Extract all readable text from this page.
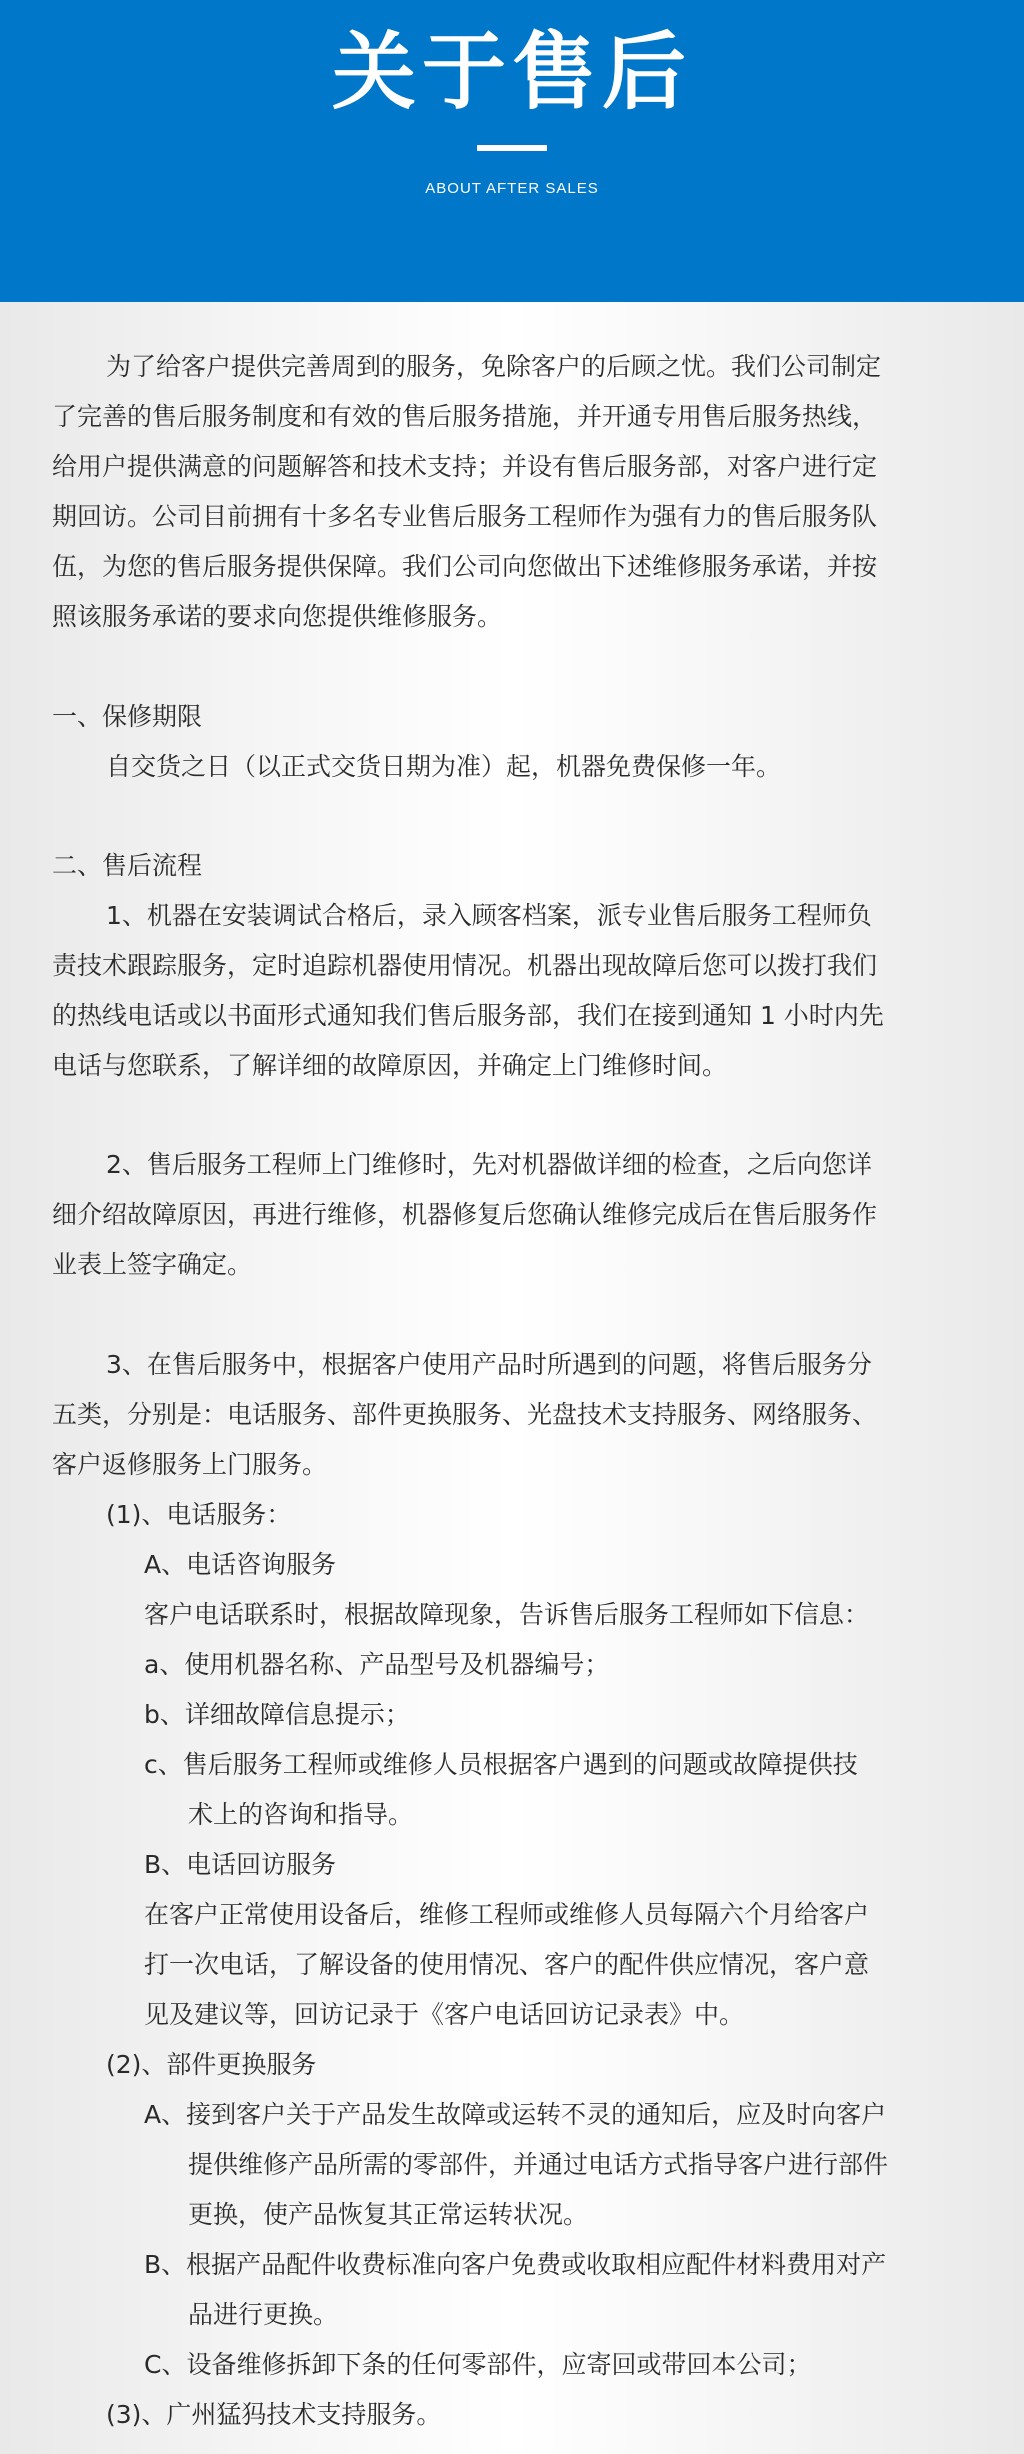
关于售后
ABOUT AFTER SALES
为了给客户提供完善周到的服务，免除客户的后顾之忧。我们公司制定
了完善的售后服务制度和有效的售后服务措施，并开通专用售后服务热线，
给用户提供满意的问题解答和技术支持；并设有售后服务部，对客户进行定
期回访。公司目前拥有十多名专业售后服务工程师作为强有力的售后服务队
伍，为您的售后服务提供保障。我们公司向您做出下述维修服务承诺，并按
照该服务承诺的要求向您提供维修服务。
一、保修期限
自交货之日（以正式交货日期为准）起，机器免费保修一年。
二、售后流程
1、机器在安装调试合格后，录入顾客档案，派专业售后服务工程师负
责技术跟踪服务，定时追踪机器使用情况。机器出现故障后您可以拨打我们
的热线电话或以书面形式通知我们售后服务部，我们在接到通知 1 小时内先
电话与您联系，了解详细的故障原因，并确定上门维修时间。
2、售后服务工程师上门维修时，先对机器做详细的检查，之后向您详
细介绍故障原因，再进行维修，机器修复后您确认维修完成后在售后服务作
业表上签字确定。
3、在售后服务中，根据客户使用产品时所遇到的问题，将售后服务分
五类，分别是：电话服务、部件更换服务、光盘技术支持服务、网络服务、
客户返修服务上门服务。
(1)、电话服务：
A、电话咨询服务
客户电话联系时，根据故障现象，告诉售后服务工程师如下信息：
a、使用机器名称、产品型号及机器编号；
b、详细故障信息提示；
c、售后服务工程师或维修人员根据客户遇到的问题或故障提供技
术上的咨询和指导。
B、电话回访服务
在客户正常使用设备后，维修工程师或维修人员每隔六个月给客户
打一次电话，了解设备的使用情况、客户的配件供应情况，客户意
见及建议等，回访记录于《客户电话回访记录表》中。
(2)、部件更换服务
A、接到客户关于产品发生故障或运转不灵的通知后，应及时向客户
提供维修产品所需的零部件，并通过电话方式指导客户进行部件
更换，使产品恢复其正常运转状况。
B、根据产品配件收费标准向客户免费或收取相应配件材料费用对产
品进行更换。
C、设备维修拆卸下条的任何零部件，应寄回或带回本公司；
(3)、广州猛犸技术支持服务。
